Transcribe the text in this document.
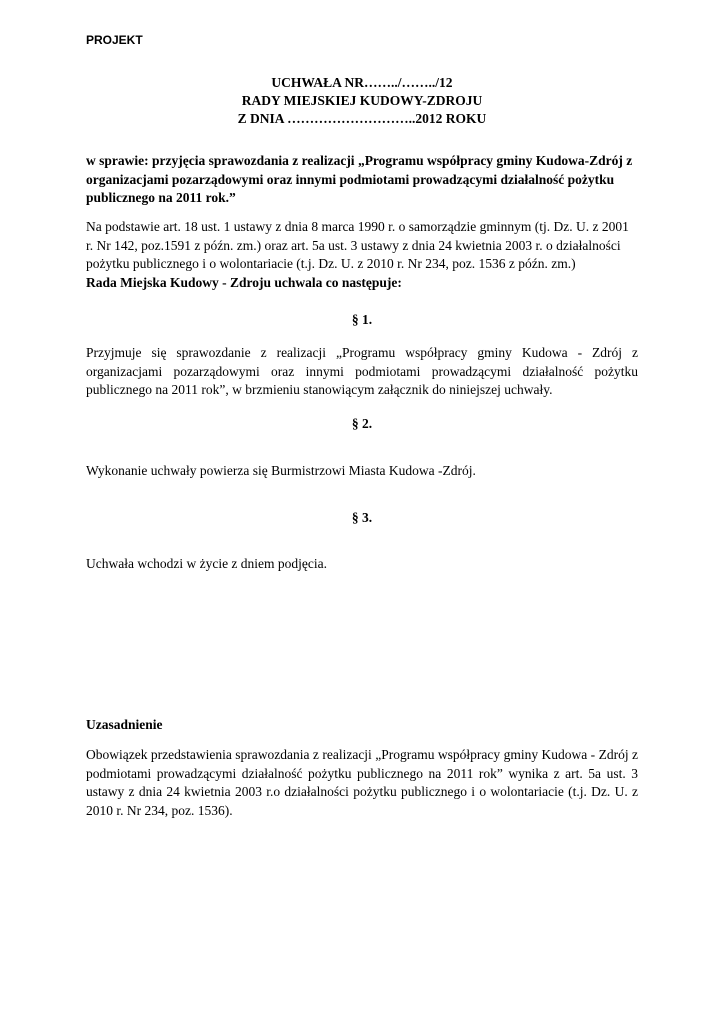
PROJEKT
UCHWAŁA NR……../……../12
RADY MIEJSKIEJ KUDOWY-ZDROJU
Z DNIA ………………………..2012 ROKU
w sprawie: przyjęcia sprawozdania z realizacji „Programu współpracy gminy Kudowa-Zdrój z organizacjami pozarządowymi oraz innymi podmiotami prowadzącymi działalność pożytku publicznego na 2011 rok.”
Na podstawie art. 18 ust. 1 ustawy z dnia 8 marca 1990 r. o samorządzie gminnym (tj. Dz. U. z 2001 r. Nr 142, poz.1591 z późn. zm.) oraz art. 5a ust. 3 ustawy z dnia 24 kwietnia 2003 r. o działalności pożytku publicznego i o wolontariacie (t.j. Dz. U. z 2010 r. Nr 234, poz. 1536 z późn. zm.)
Rada Miejska Kudowy - Zdroju uchwala co następuje:
§ 1.
Przyjmuje się sprawozdanie z realizacji „Programu współpracy gminy Kudowa - Zdrój z organizacjami pozarządowymi oraz innymi podmiotami prowadzącymi działalność pożytku publicznego na 2011 rok”, w brzmieniu stanowiącym załącznik do niniejszej uchwały.
§ 2.
Wykonanie uchwały powierza się Burmistrzowi Miasta Kudowa -Zdrój.
§ 3.
Uchwała wchodzi w życie z dniem podjęcia.
Uzasadnienie
Obowiązek przedstawienia sprawozdania z realizacji „Programu współpracy gminy Kudowa - Zdrój z podmiotami prowadzącymi działalność pożytku publicznego na 2011 rok” wynika z art. 5a ust. 3 ustawy z dnia 24 kwietnia 2003 r.o działalności pożytku publicznego i o wolontariacie (t.j. Dz. U. z 2010 r. Nr 234, poz. 1536).
